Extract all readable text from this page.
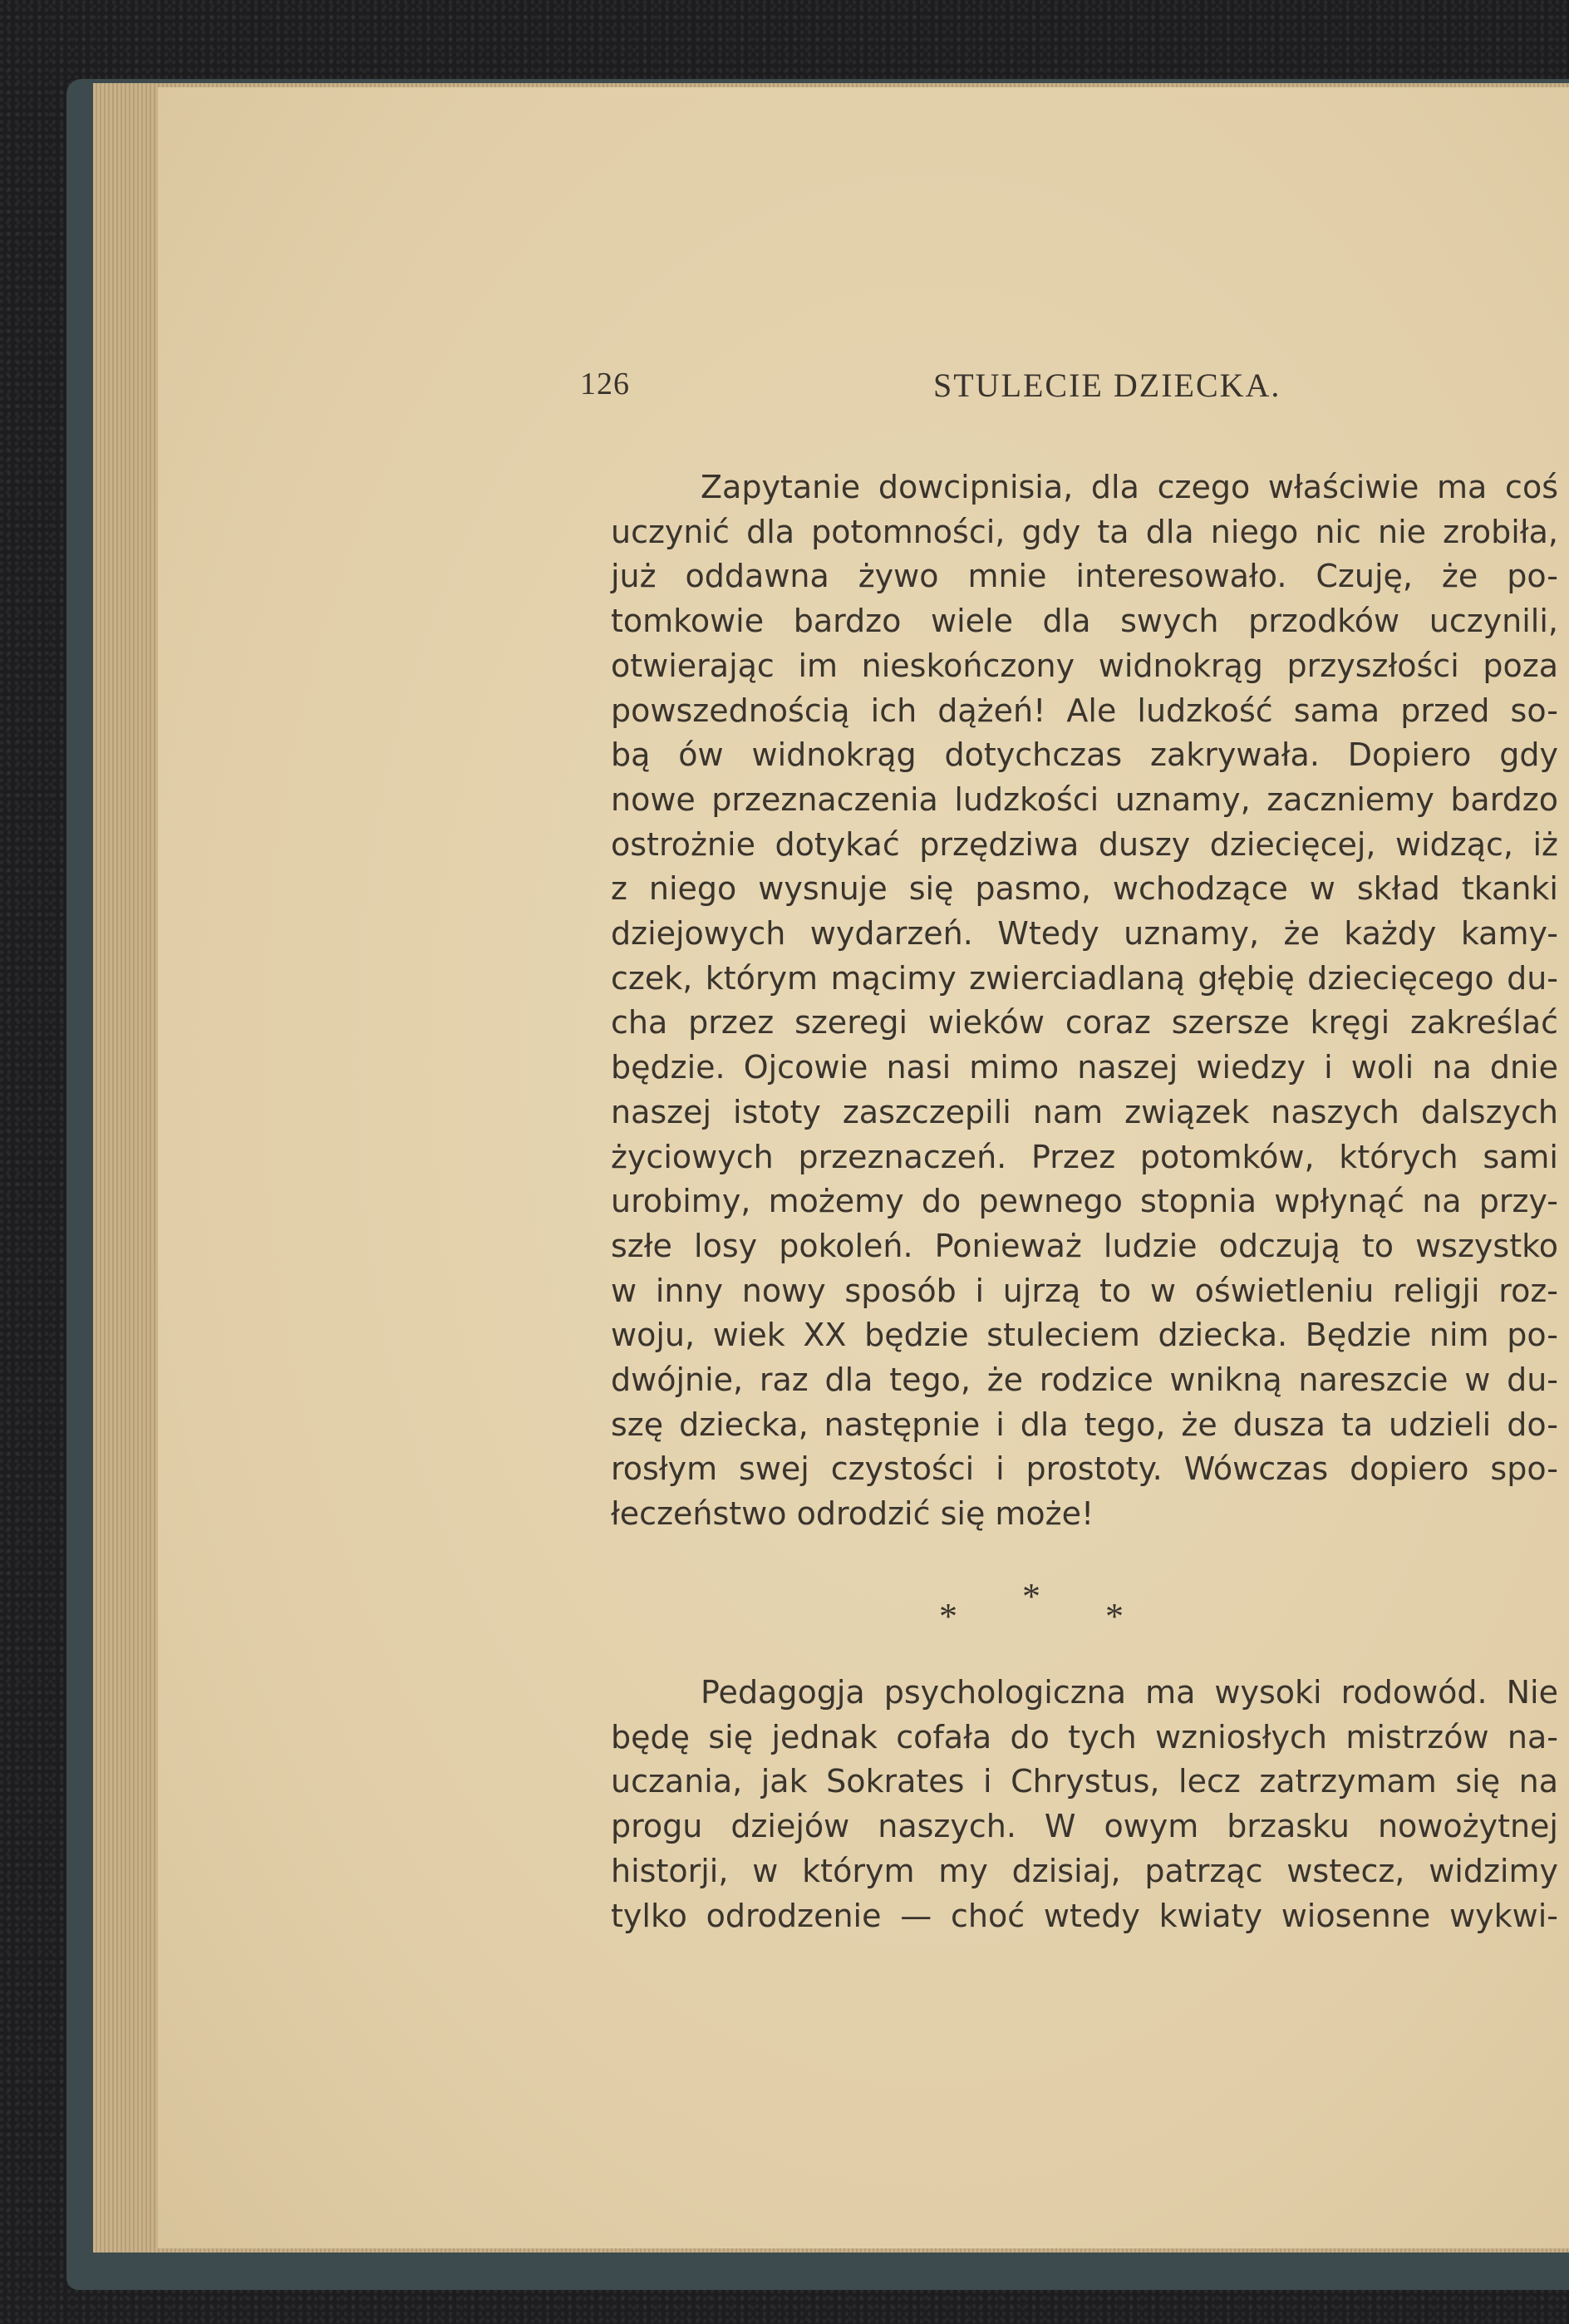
126	STULECIE DZIECKA.

Zapytanie dowcipnisia, dla czego właściwie ma coś
uczynić dla potomności, gdy ta dla niego nic nie zrobiła,
już oddawna żywo mnie interesowało. Czuję, że po-
tomkowie bardzo wiele dla swych przodków uczynili,
otwierając im nieskończony widnokrąg przyszłości poza
powszednością ich dążeń! Ale ludzkość sama przed so-
bą ów widnokrąg dotychczas zakrywała. Dopiero gdy
nowe przeznaczenia ludzkości uznamy, zaczniemy bardzo
ostrożnie dotykać przędziwa duszy dziecięcej, widząc, iż
z niego wysnuje się pasmo, wchodzące w skład tkanki
dziejowych wydarzeń. Wtedy uznamy, że każdy kamy-
czek, którym mącimy zwierciadlaną głębię dziecięcego du-
cha przez szeregi wieków coraz szersze kręgi zakreślać
będzie. Ojcowie nasi mimo naszej wiedzy i woli na dnie
naszej istoty zaszczepili nam związek naszych dalszych
życiowych przeznaczeń. Przez potomków, których sami
urobimy, możemy do pewnego stopnia wpłynąć na przy-
szłe losy pokoleń. Ponieważ ludzie odczują to wszystko
w inny nowy sposób i ujrzą to w oświetleniu religji roz-
woju, wiek XX będzie stuleciem dziecka. Będzie nim po-
dwójnie, raz dla tego, że rodzice wnikną nareszcie w du-
szę dziecka, następnie i dla tego, że dusza ta udzieli do-
rosłym swej czystości i prostoty. Wówczas dopiero spo-
łeczeństwo odrodzić się może!

*
*	*

Pedagogja psychologiczna ma wysoki rodowód. Nie
będę się jednak cofała do tych wzniosłych mistrzów na-
uczania, jak Sokrates i Chrystus, lecz zatrzymam się na
progu dziejów naszych. W owym brzasku nowożytnej
historji, w którym my dzisiaj, patrząc wstecz, widzimy
tylko odrodzenie — choć wtedy kwiaty wiosenne wykwi-
